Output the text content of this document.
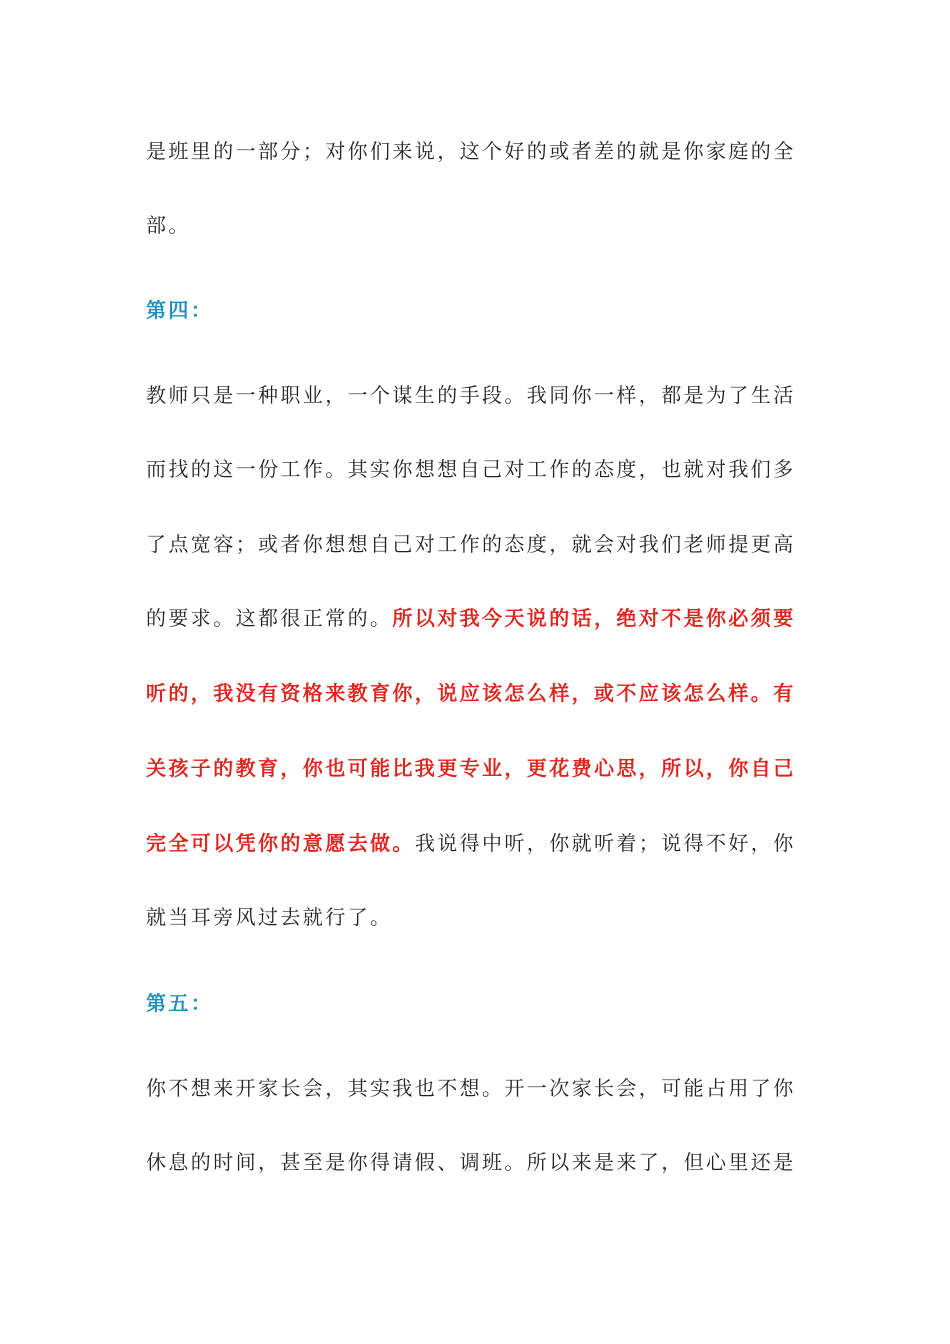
是班里的一部分；对你们来说，这个好的或者差的就是你家庭的全
部。
第四：
教师只是一种职业，一个谋生的手段。我同你一样，都是为了生活
而找的这一份工作。其实你想想自己对工作的态度，也就对我们多
了点宽容；或者你想想自己对工作的态度，就会对我们老师提更高
的要求。这都很正常的。所以对我今天说的话，绝对不是你必须要
听的，我没有资格来教育你，说应该怎么样，或不应该怎么样。有
关孩子的教育，你也可能比我更专业，更花费心思，所以，你自己
完全可以凭你的意愿去做。我说得中听，你就听着；说得不好，你
就当耳旁风过去就行了。
第五：
你不想来开家长会，其实我也不想。开一次家长会，可能占用了你
休息的时间，甚至是你得请假、调班。所以来是来了，但心里还是
